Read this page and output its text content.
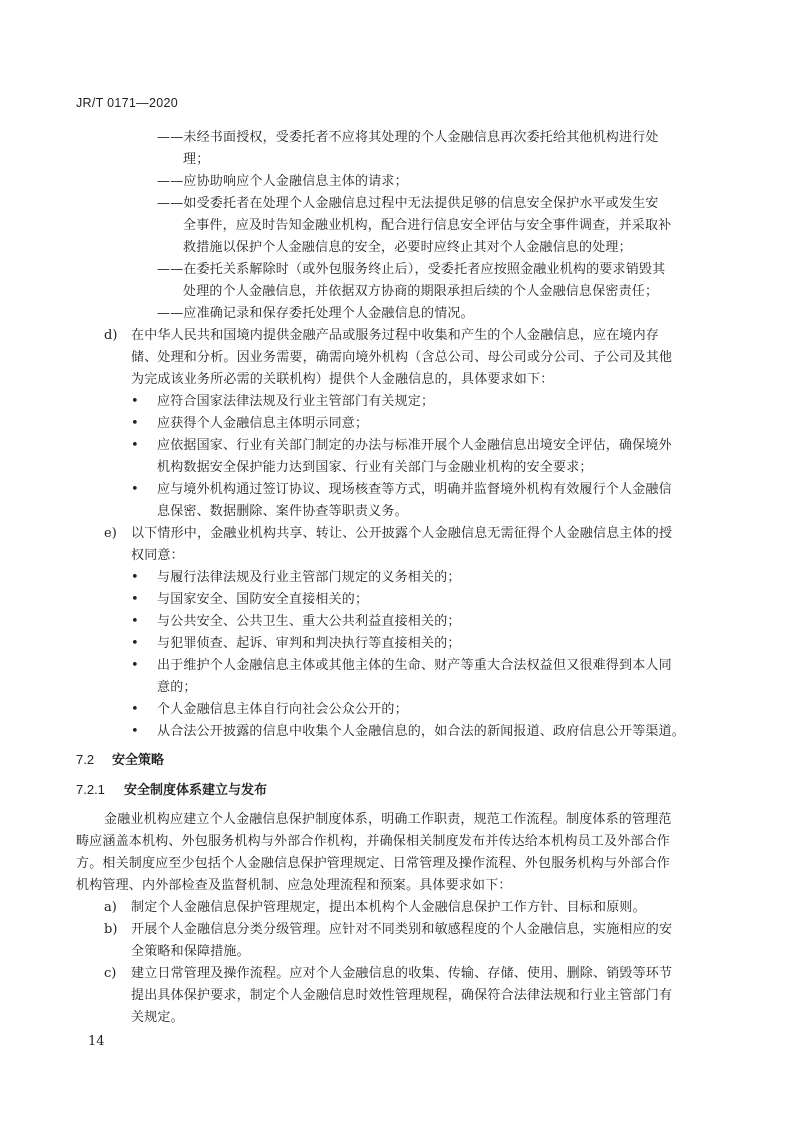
JR/T 0171—2020
——未经书面授权，受委托者不应将其处理的个人金融信息再次委托给其他机构进行处
理；
——应协助响应个人金融信息主体的请求；
——如受委托者在处理个人金融信息过程中无法提供足够的信息安全保护水平或发生安
全事件，应及时告知金融业机构，配合进行信息安全评估与安全事件调查，并采取补
救措施以保护个人金融信息的安全，必要时应终止其对个人金融信息的处理；
——在委托关系解除时（或外包服务终止后），受委托者应按照金融业机构的要求销毁其
处理的个人金融信息，并依据双方协商的期限承担后续的个人金融信息保密责任；
——应准确记录和保存委托处理个人金融信息的情况。
d) 在中华人民共和国境内提供金融产品或服务过程中收集和产生的个人金融信息，应在境内存
储、处理和分析。因业务需要，确需向境外机构（含总公司、母公司或分公司、子公司及其他
为完成该业务所必需的关联机构）提供个人金融信息的，具体要求如下：
• 应符合国家法律法规及行业主管部门有关规定；
• 应获得个人金融信息主体明示同意；
• 应依据国家、行业有关部门制定的办法与标准开展个人金融信息出境安全评估，确保境外
机构数据安全保护能力达到国家、行业有关部门与金融业机构的安全要求；
• 应与境外机构通过签订协议、现场核查等方式，明确并监督境外机构有效履行个人金融信
息保密、数据删除、案件协查等职责义务。
e) 以下情形中，金融业机构共享、转让、公开披露个人金融信息无需征得个人金融信息主体的授
权同意：
• 与履行法律法规及行业主管部门规定的义务相关的；
• 与国家安全、国防安全直接相关的；
• 与公共安全、公共卫生、重大公共利益直接相关的；
• 与犯罪侦查、起诉、审判和判决执行等直接相关的；
• 出于维护个人金融信息主体或其他主体的生命、财产等重大合法权益但又很难得到本人同
意的；
• 个人金融信息主体自行向社会公众公开的；
• 从合法公开披露的信息中收集个人金融信息的，如合法的新闻报道、政府信息公开等渠道。
7.2 安全策略
7.2.1 安全制度体系建立与发布
金融业机构应建立个人金融信息保护制度体系，明确工作职责，规范工作流程。制度体系的管理范
畴应涵盖本机构、外包服务机构与外部合作机构，并确保相关制度发布并传达给本机构员工及外部合作
方。相关制度应至少包括个人金融信息保护管理规定、日常管理及操作流程、外包服务机构与外部合作
机构管理、内外部检查及监督机制、应急处理流程和预案。具体要求如下：
a) 制定个人金融信息保护管理规定，提出本机构个人金融信息保护工作方针、目标和原则。
b) 开展个人金融信息分类分级管理。应针对不同类别和敏感程度的个人金融信息，实施相应的安
全策略和保障措施。
c) 建立日常管理及操作流程。应对个人金融信息的收集、传输、存储、使用、删除、销毁等环节
提出具体保护要求，制定个人金融信息时效性管理规程，确保符合法律法规和行业主管部门有
关规定。
14
